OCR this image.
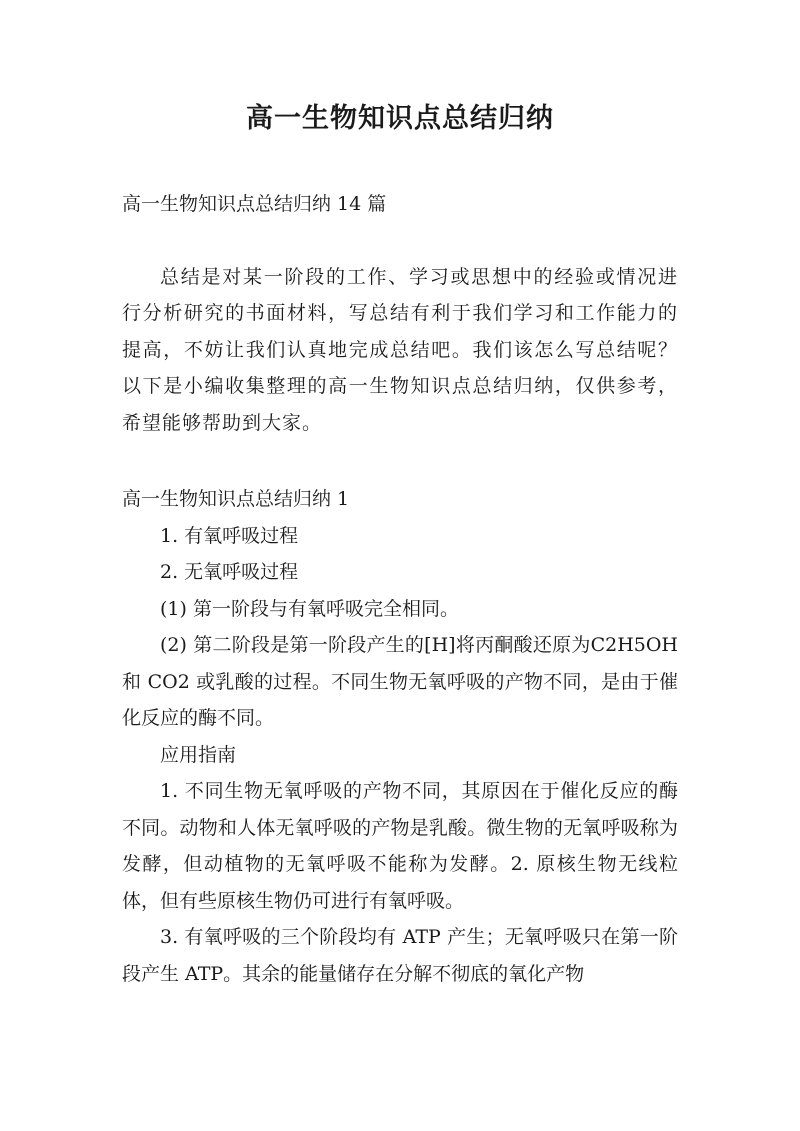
高一生物知识点总结归纳

高一生物知识点总结归纳 14 篇

总结是对某一阶段的工作、学习或思想中的经验或情况进行分析研究的书面材料，写总结有利于我们学习和工作能力的提高，不妨让我们认真地完成总结吧。我们该怎么写总结呢？以下是小编收集整理的高一生物知识点总结归纳，仅供参考，希望能够帮助到大家。

高一生物知识点总结归纳 1

1. 有氧呼吸过程

2. 无氧呼吸过程

(1) 第一阶段与有氧呼吸完全相同。

(2) 第二阶段是第一阶段产生的[H]将丙酮酸还原为C2H5OH 和 CO2 或乳酸的过程。不同生物无氧呼吸的产物不同，是由于催化反应的酶不同。

应用指南

1. 不同生物无氧呼吸的产物不同，其原因在于催化反应的酶不同。动物和人体无氧呼吸的产物是乳酸。微生物的无氧呼吸称为发酵，但动植物的无氧呼吸不能称为发酵。2. 原核生物无线粒体，但有些原核生物仍可进行有氧呼吸。

3. 有氧呼吸的三个阶段均有 ATP 产生；无氧呼吸只在第一阶段产生 ATP。其余的能量储存在分解不彻底的氧化产物
